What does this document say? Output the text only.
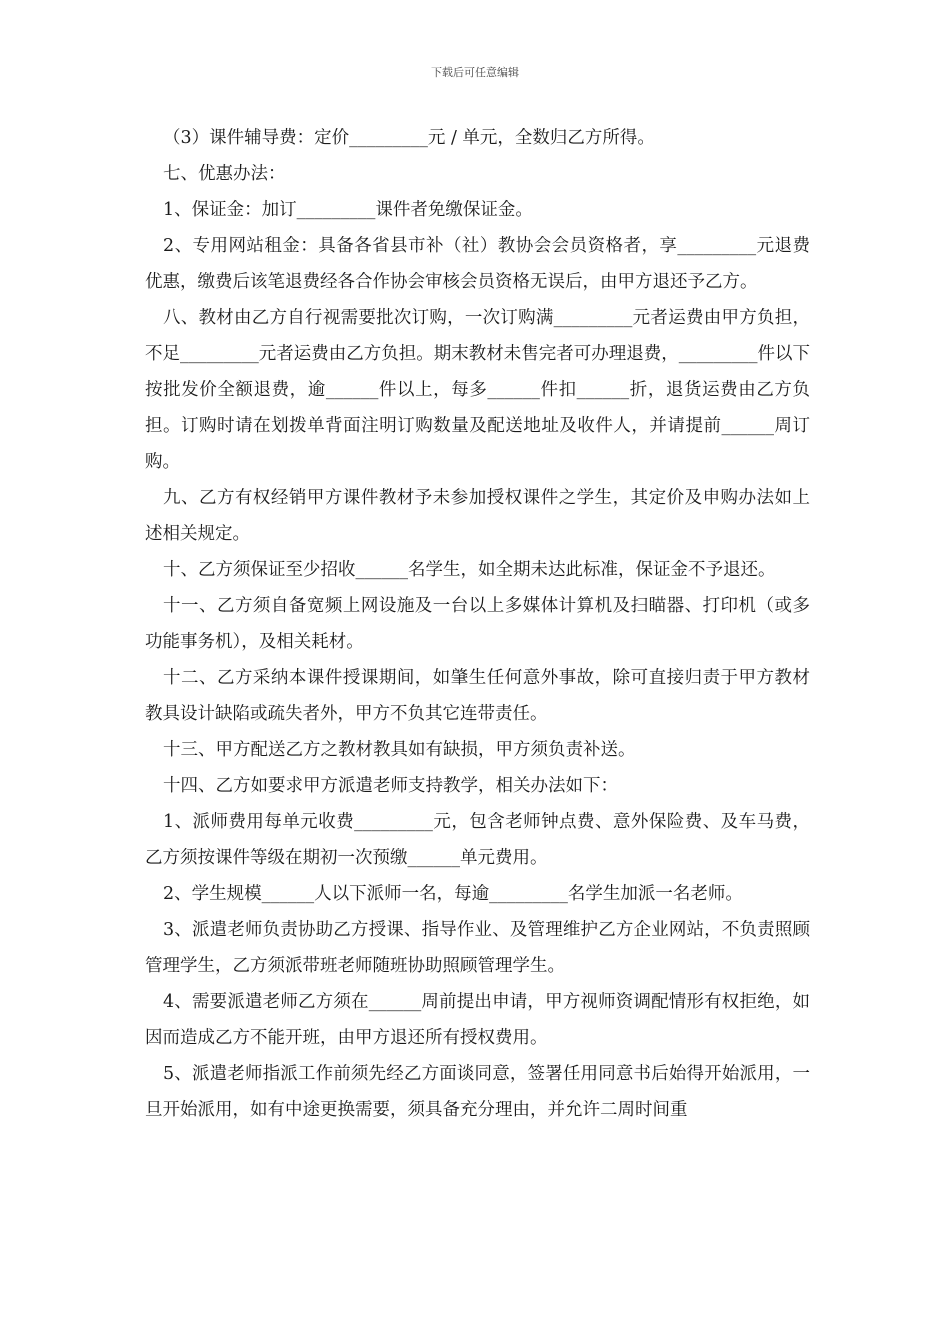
下载后可任意编辑

（3）课件辅导费：定价_________元 / 单元，全数归乙方所得。

七、优惠办法：

1、保证金：加订_________课件者免缴保证金。

2、专用网站租金：具备各省县市补（社）教协会会员资格者，享_________元退费优惠，缴费后该笔退费经各合作协会审核会员资格无误后，由甲方退还予乙方。

八、教材由乙方自行视需要批次订购，一次订购满_________元者运费由甲方负担，不足_________元者运费由乙方负担。期末教材未售完者可办理退费，_________件以下按批发价全额退费，逾______件以上，每多______件扣______折，退货运费由乙方负担。订购时请在划拨单背面注明订购数量及配送地址及收件人，并请提前______周订购。

九、乙方有权经销甲方课件教材予未参加授权课件之学生，其定价及申购办法如上述相关规定。

十、乙方须保证至少招收______名学生，如全期未达此标准，保证金不予退还。

十一、乙方须自备宽频上网设施及一台以上多媒体计算机及扫瞄器、打印机（或多功能事务机），及相关耗材。

十二、乙方采纳本课件授课期间，如肇生任何意外事故，除可直接归责于甲方教材教具设计缺陷或疏失者外，甲方不负其它连带责任。

十三、甲方配送乙方之教材教具如有缺损，甲方须负责补送。

十四、乙方如要求甲方派遣老师支持教学，相关办法如下：

1、派师费用每单元收费_________元，包含老师钟点费、意外保险费、及车马费，乙方须按课件等级在期初一次预缴______单元费用。

2、学生规模______人以下派师一名，每逾_________名学生加派一名老师。

3、派遣老师负责协助乙方授课、指导作业、及管理维护乙方企业网站，不负责照顾管理学生，乙方须派带班老师随班协助照顾管理学生。

4、需要派遣老师乙方须在______周前提出申请，甲方视师资调配情形有权拒绝，如因而造成乙方不能开班，由甲方退还所有授权费用。

5、派遣老师指派工作前须先经乙方面谈同意，签署任用同意书后始得开始派用，一旦开始派用，如有中途更换需要，须具备充分理由，并允许二周时间重
